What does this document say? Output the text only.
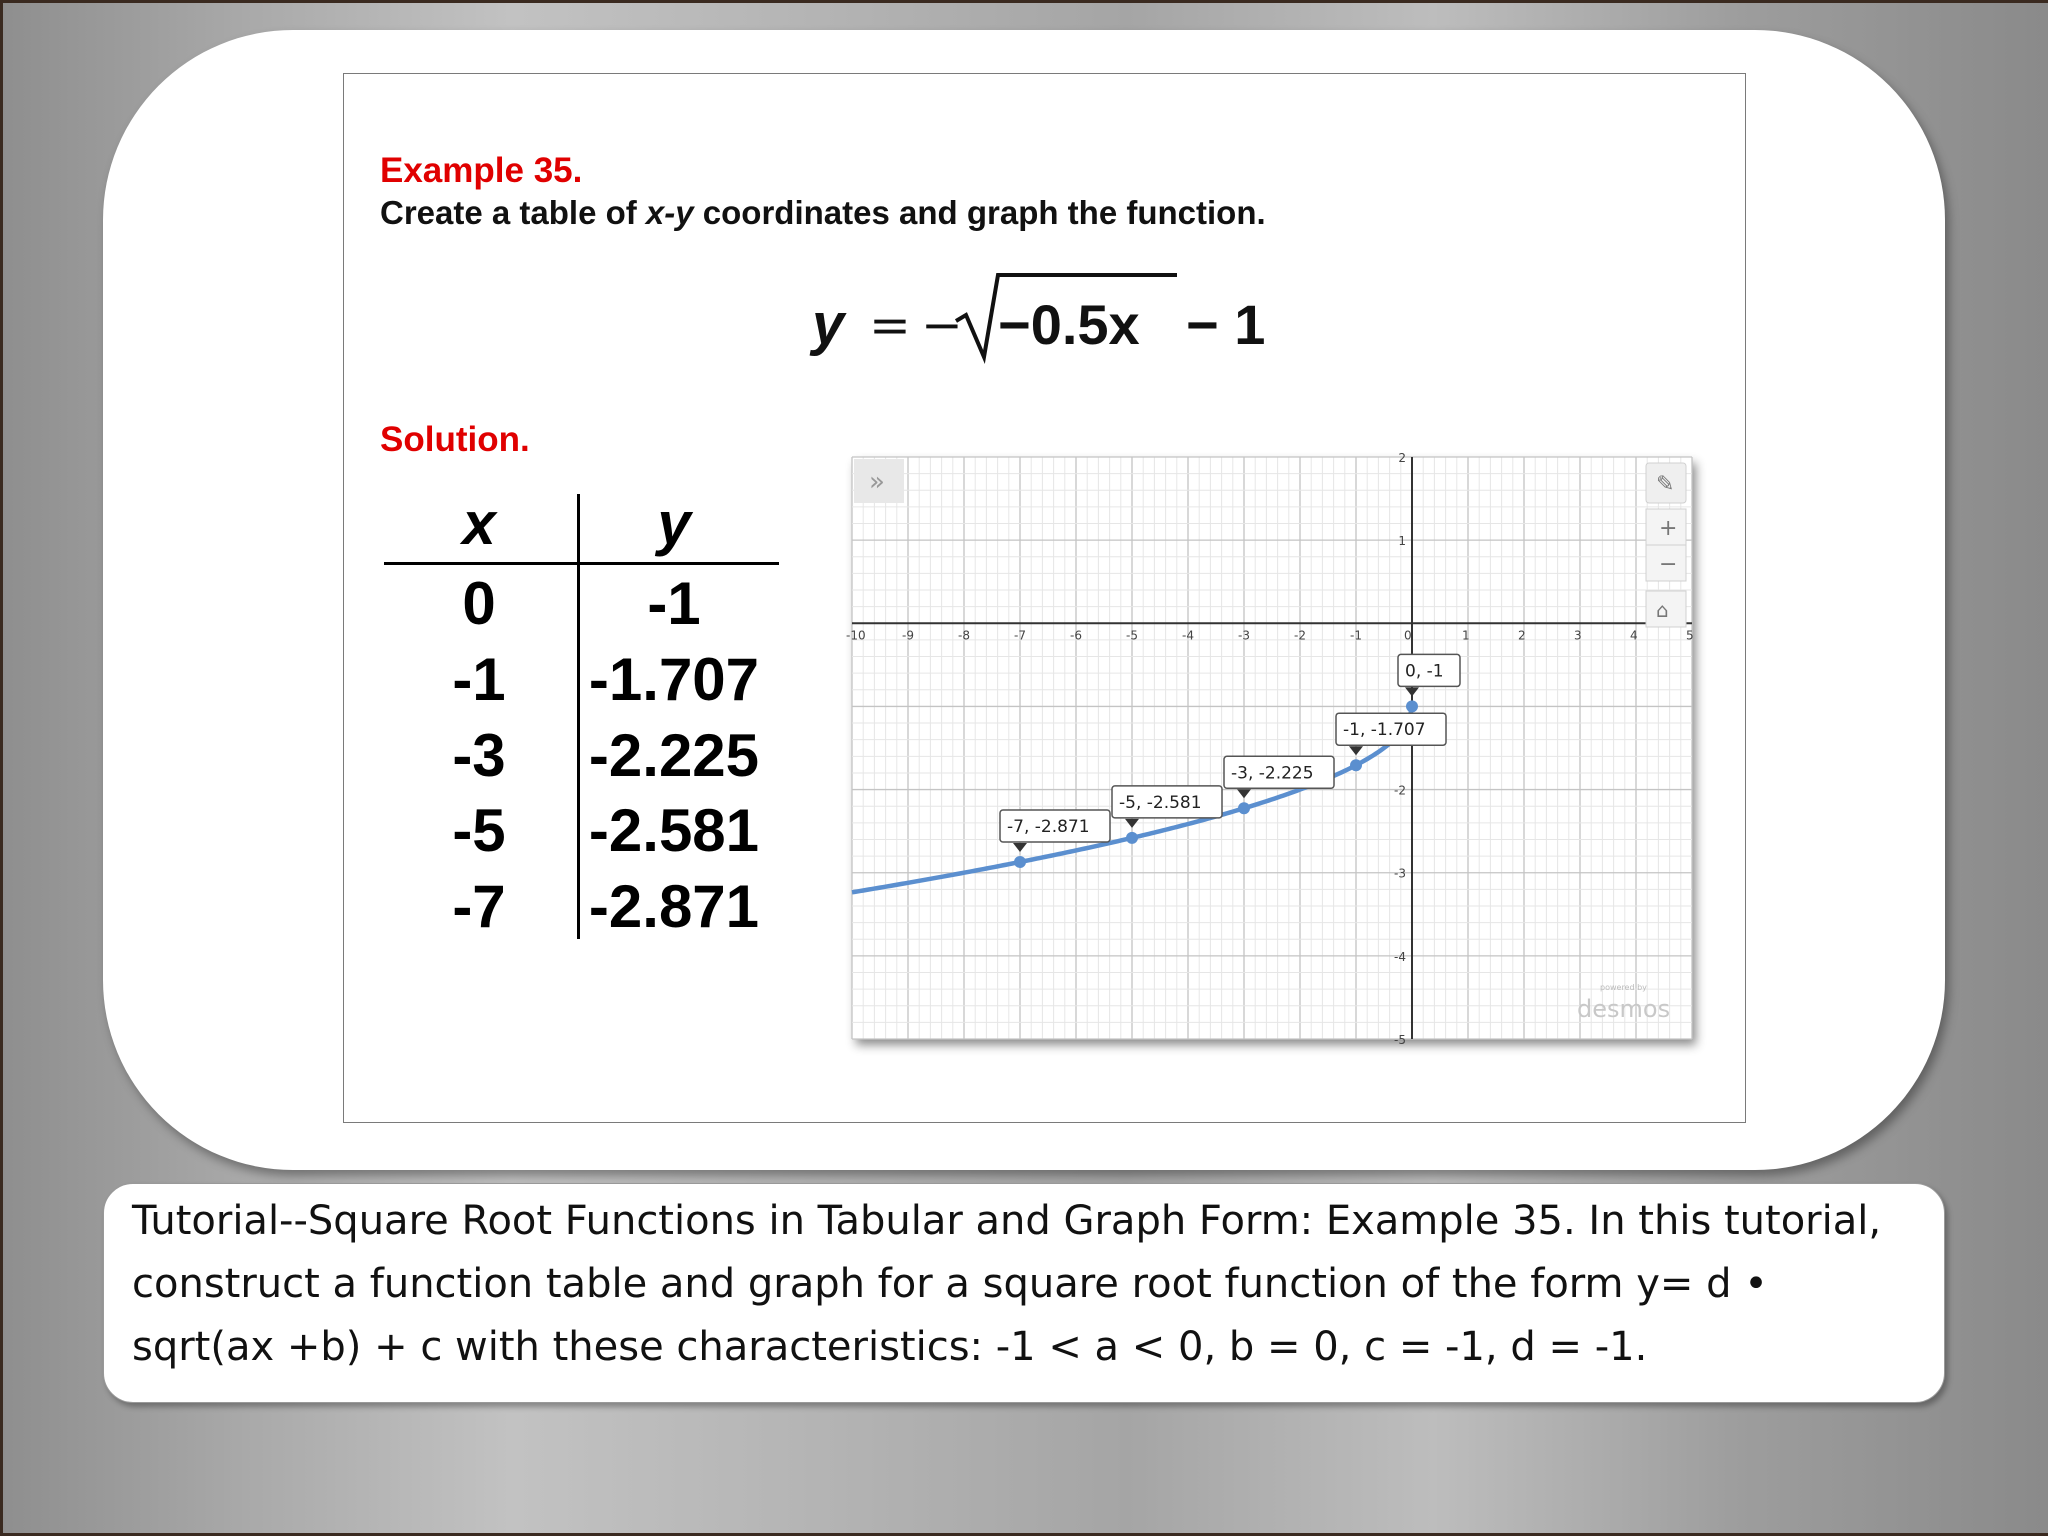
Example 35.
Create a table of x-y coordinates and graph the function.
y = − −0.5x − 1
Solution.
x	y
0	-1
-1	-1.707
-3	-2.225
-5	-2.581
-7	-2.871
-10	-9	-8	-7	-6	-5	-4	-3	-2	-1	0	1	2	3	4	5
2
1
-2
-3
-4
-5
-7, -2.871
-5, -2.581
-3, -2.225
-1, -1.707
0, -1
»	✎
+
−
⌂
powered by
desmos
Tutorial--Square Root Functions in Tabular and Graph Form: Example 35. In this tutorial, construct a function table and graph for a square root function of the form y= d • sqrt(ax +b) + c with these characteristics: -1 < a < 0, b = 0, c = -1, d = -1.
